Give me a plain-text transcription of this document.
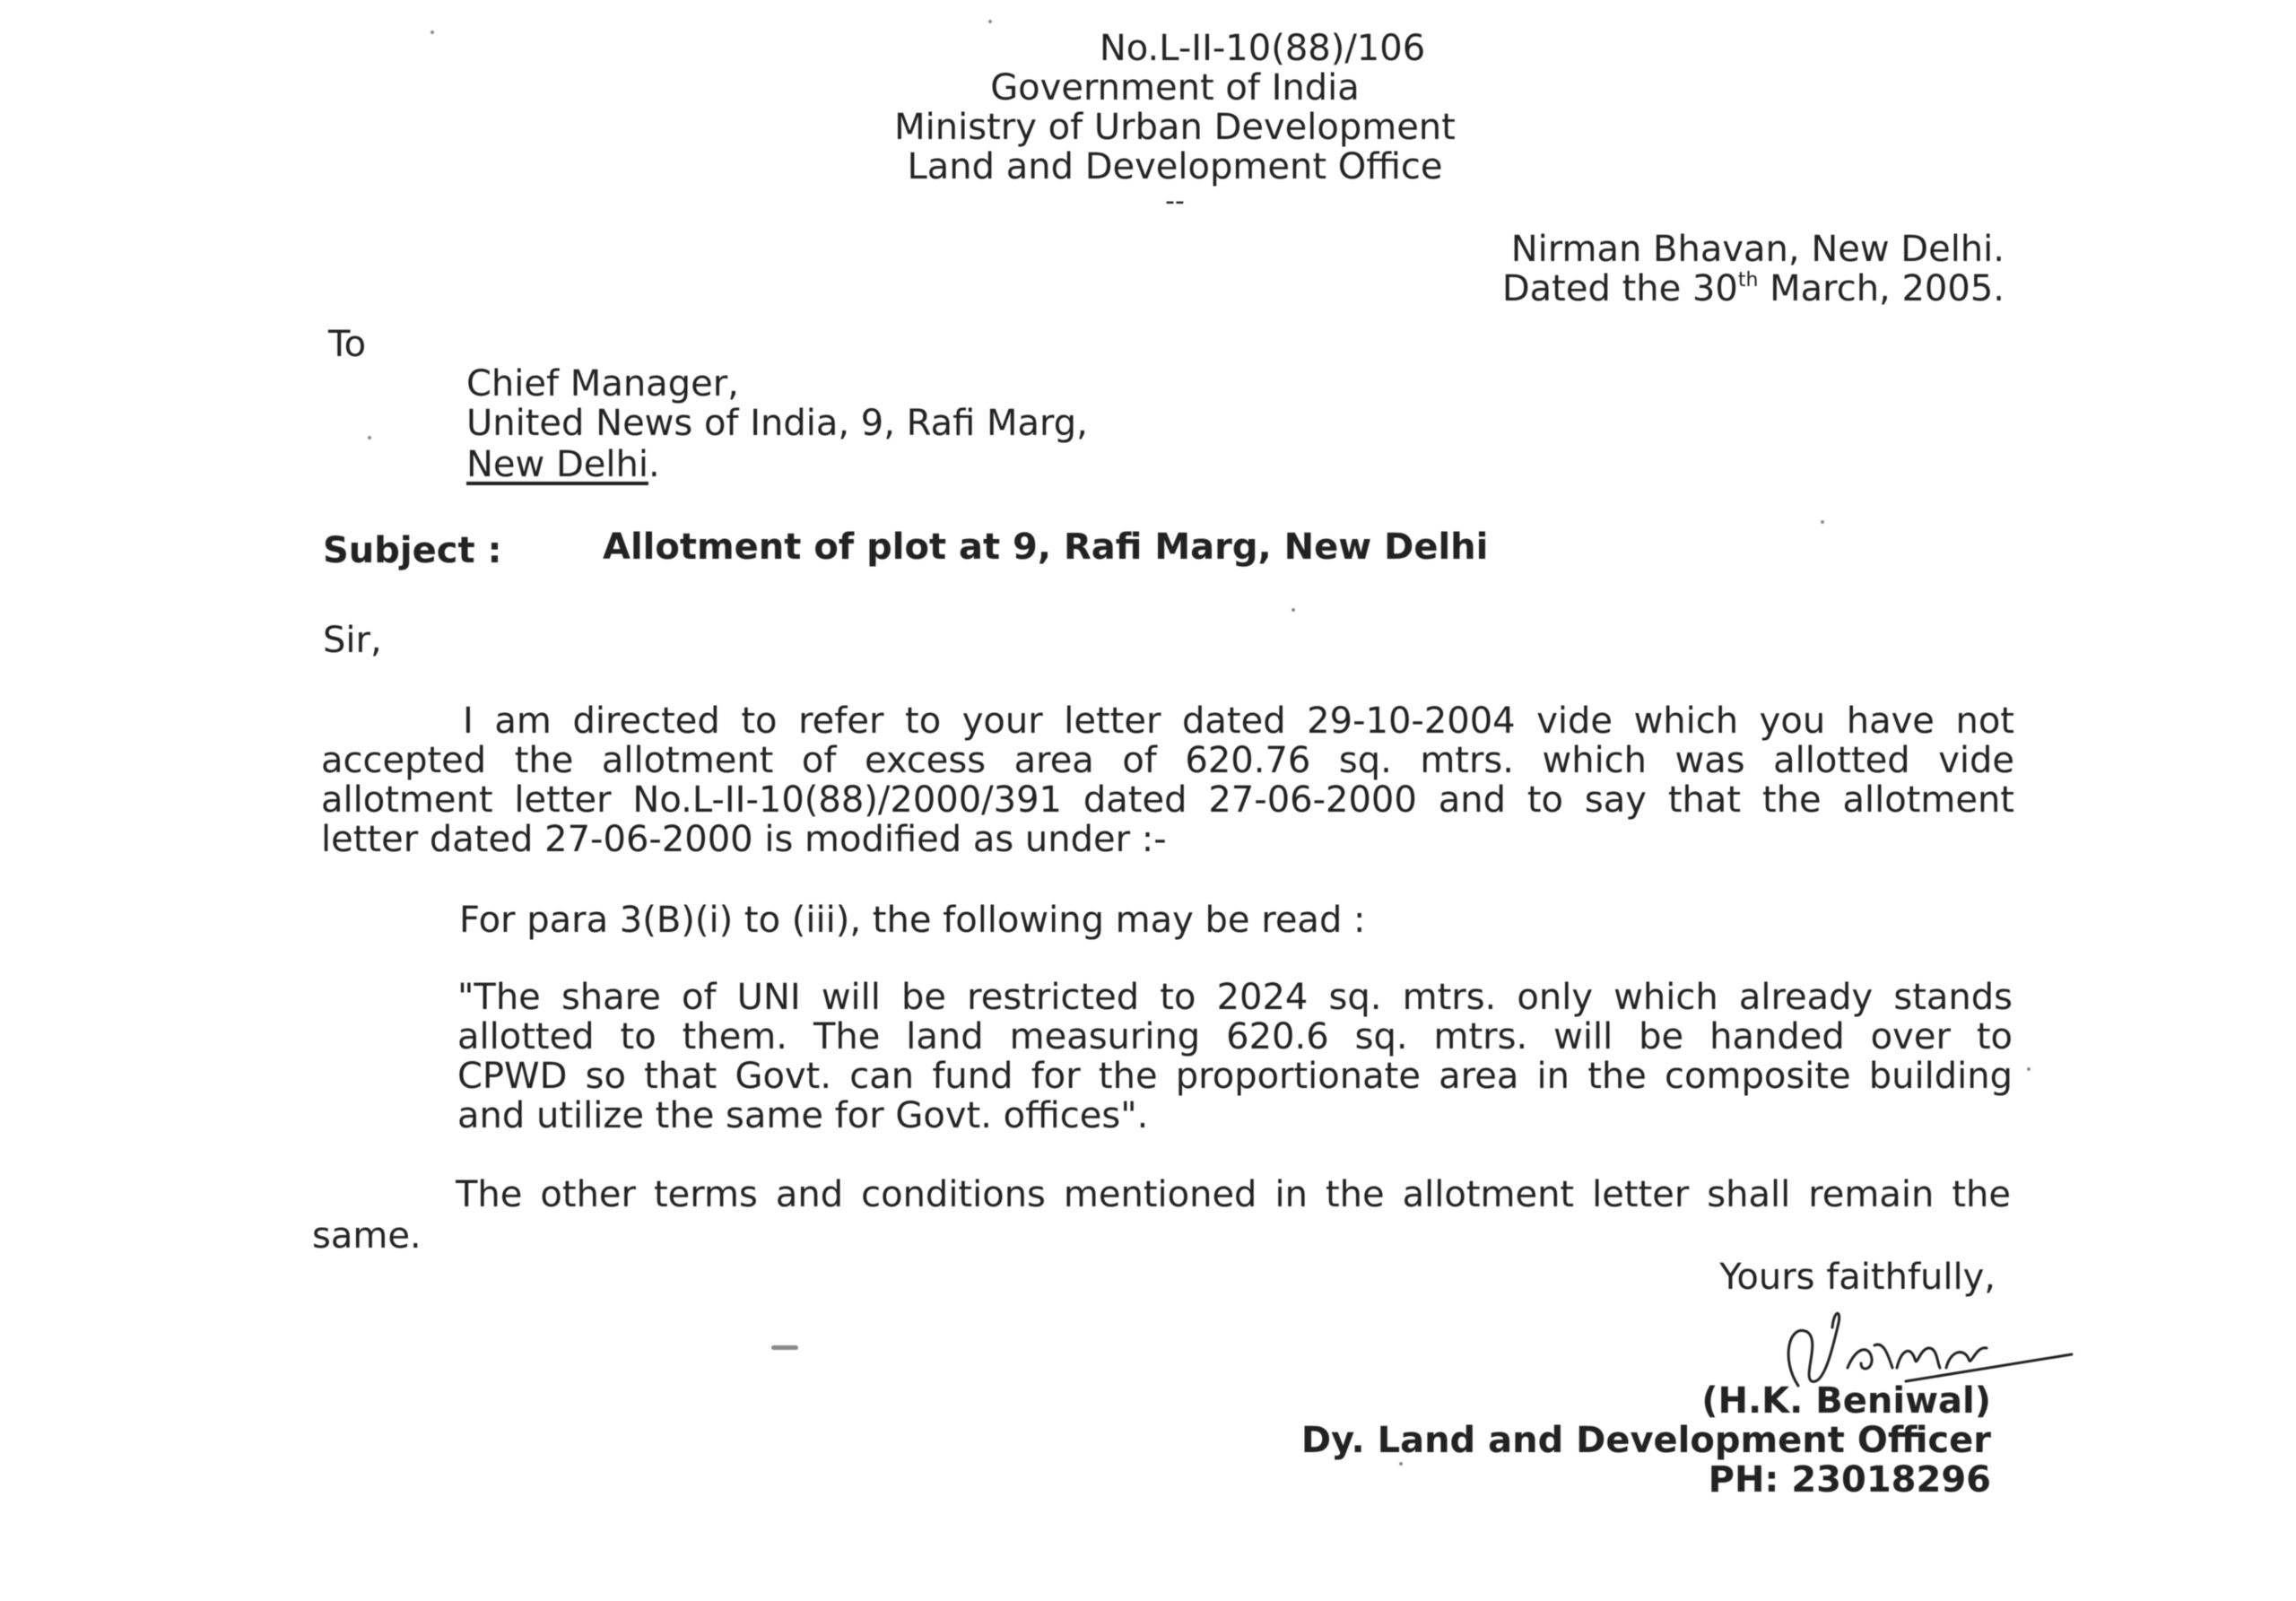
No.L-II-10(88)/106
Government of India
Ministry of Urban Development
Land and Development Office
--
Nirman Bhavan, New Delhi.
Dated the 30th March, 2005.
To
Chief Manager,
United News of India, 9, Rafi Marg,
New Delhi.
Subject :	Allotment of plot at 9, Rafi Marg, New Delhi
Sir,
I am directed to refer to your letter dated 29-10-2004 vide which you have not
accepted the allotment of excess area of 620.76 sq. mtrs. which was allotted vide
allotment letter No.L-II-10(88)/2000/391 dated 27-06-2000 and to say that the allotment
letter dated 27-06-2000 is modified as under :-
For para 3(B)(i) to (iii), the following may be read :
"The share of UNI will be restricted to 2024 sq. mtrs. only which already stands
allotted to them. The land measuring 620.6 sq. mtrs. will be handed over to
CPWD so that Govt. can fund for the proportionate area in the composite building
and utilize the same for Govt. offices".
The other terms and conditions mentioned in the allotment letter shall remain the
same.
Yours faithfully,
(H.K. Beniwal)
Dy. Land and Development Officer
PH: 23018296
